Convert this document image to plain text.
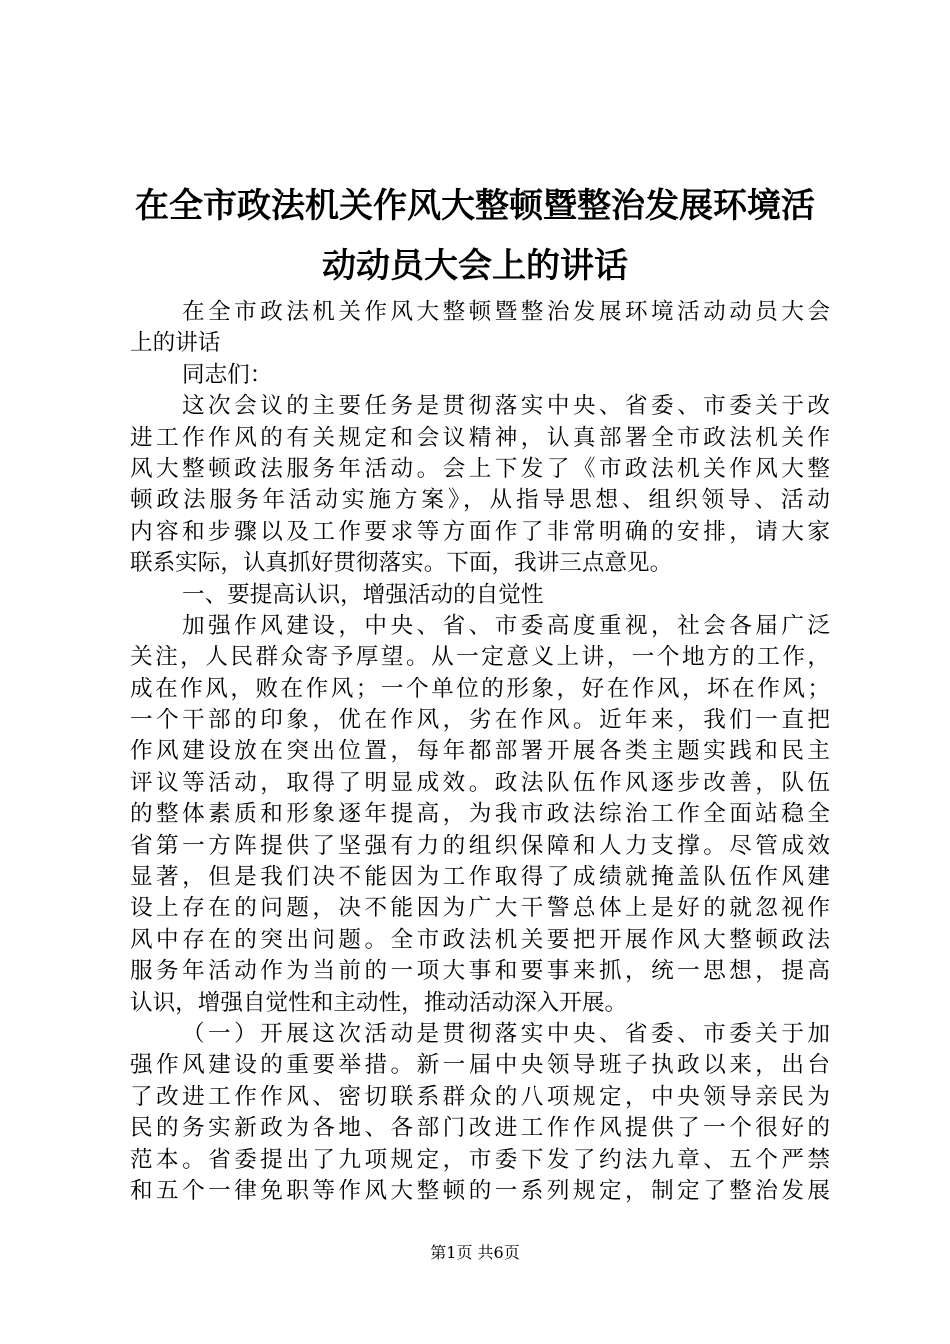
在全市政法机关作风大整顿暨整治发展环境活
动动员大会上的讲话
在全市政法机关作风大整顿暨整治发展环境活动动员大会
上的讲话
同志们：
这次会议的主要任务是贯彻落实中央、省委、市委关于改
进工作作风的有关规定和会议精神，认真部署全市政法机关作
风大整顿政法服务年活动。会上下发了《市政法机关作风大整
顿政法服务年活动实施方案》，从指导思想、组织领导、活动
内容和步骤以及工作要求等方面作了非常明确的安排，请大家
联系实际，认真抓好贯彻落实。下面，我讲三点意见。
一、要提高认识，增强活动的自觉性
加强作风建设，中央、省、市委高度重视，社会各届广泛
关注，人民群众寄予厚望。从一定意义上讲，一个地方的工作，
成在作风，败在作风；一个单位的形象，好在作风，坏在作风；
一个干部的印象，优在作风，劣在作风。近年来，我们一直把
作风建设放在突出位置，每年都部署开展各类主题实践和民主
评议等活动，取得了明显成效。政法队伍作风逐步改善，队伍
的整体素质和形象逐年提高，为我市政法综治工作全面站稳全
省第一方阵提供了坚强有力的组织保障和人力支撑。尽管成效
显著，但是我们决不能因为工作取得了成绩就掩盖队伍作风建
设上存在的问题，决不能因为广大干警总体上是好的就忽视作
风中存在的突出问题。全市政法机关要把开展作风大整顿政法
服务年活动作为当前的一项大事和要事来抓，统一思想，提高
认识，增强自觉性和主动性，推动活动深入开展。
（一）开展这次活动是贯彻落实中央、省委、市委关于加
强作风建设的重要举措。新一届中央领导班子执政以来，出台
了改进工作作风、密切联系群众的八项规定，中央领导亲民为
民的务实新政为各地、各部门改进工作作风提供了一个很好的
范本。省委提出了九项规定，市委下发了约法九章、五个严禁
和五个一律免职等作风大整顿的一系列规定，制定了整治发展
第1页 共6页
